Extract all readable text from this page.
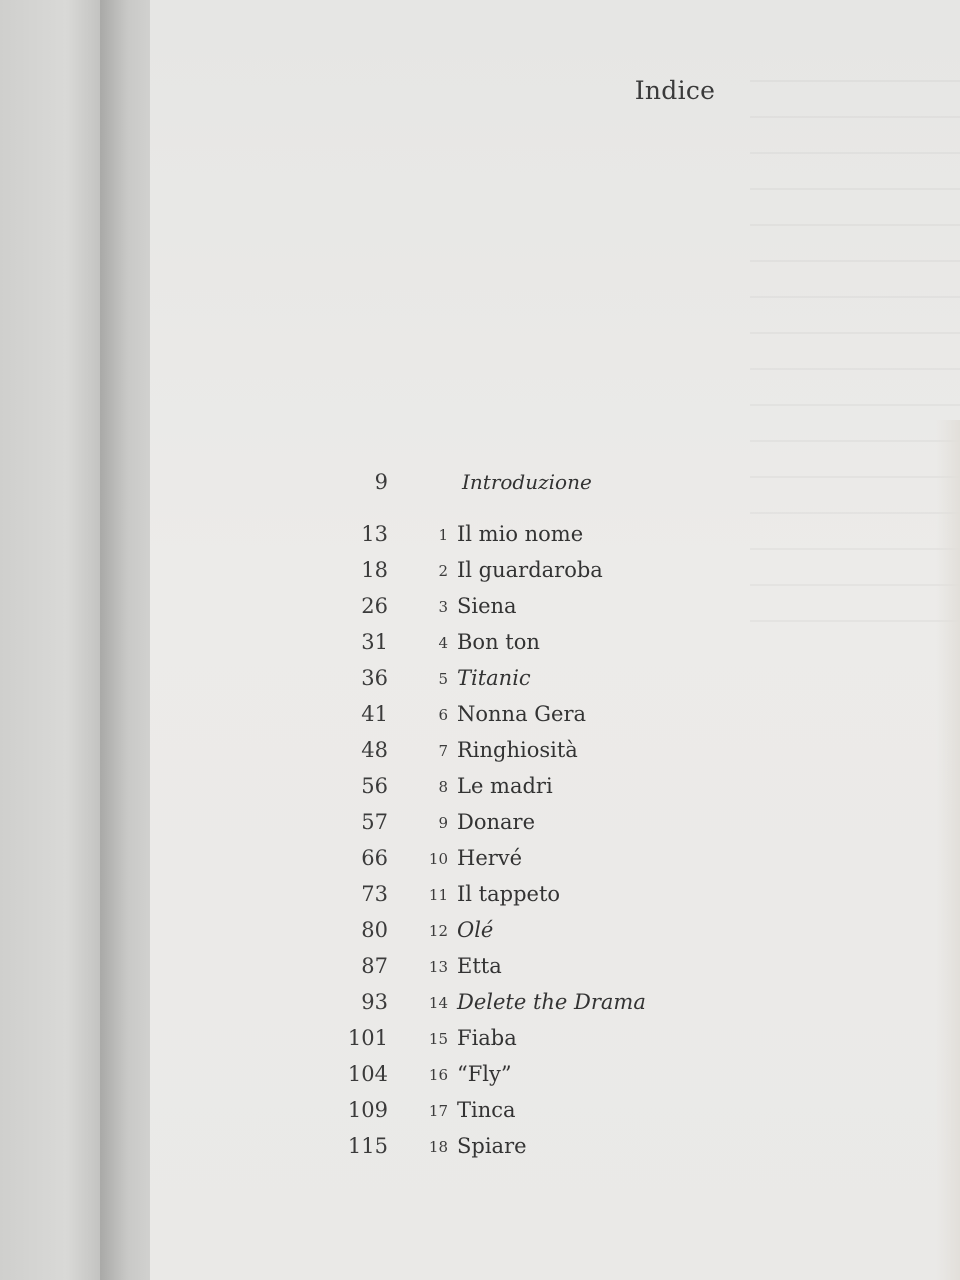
Indice
9	Introduzione
13	1 Il mio nome
18	2 Il guardaroba
26	3 Siena
31	4 Bon ton
36	5 Titanic
41	6 Nonna Gera
48	7 Ringhiosità
56	8 Le madri
57	9 Donare
66	10 Hervé
73	11 Il tappeto
80	12 Olé
87	13 Etta
93	14 Delete the Drama
101	15 Fiaba
104	16 “Fly”
109	17 Tinca
115	18 Spiare
